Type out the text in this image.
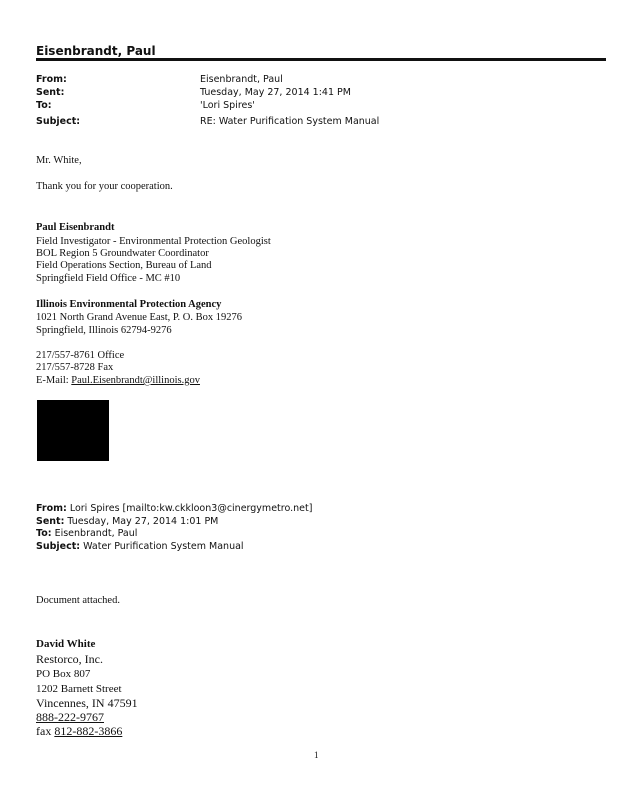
Eisenbrandt, Paul
From:	Eisenbrandt, Paul
Sent:	Tuesday, May 27, 2014 1:41 PM
To:	'Lori Spires'
Subject:	RE: Water Purification System Manual
Mr. White,
Thank you for your cooperation.
Paul Eisenbrandt
Field Investigator - Environmental Protection Geologist
BOL Region 5 Groundwater Coordinator
Field Operations Section, Bureau of Land
Springfield Field Office - MC #10
Illinois Environmental Protection Agency
1021 North Grand Avenue East, P. O. Box 19276
Springfield, Illinois 62794-9276
217/557-8761 Office
217/557-8728 Fax
E-Mail: Paul.Eisenbrandt@illinois.gov
From: Lori Spires [mailto:kw.ckkloon3@cinergymetro.net]
Sent: Tuesday, May 27, 2014 1:01 PM
To: Eisenbrandt, Paul
Subject: Water Purification System Manual
Document attached.
David White
Restorco, Inc.
PO Box 807
1202 Barnett Street
Vincennes, IN 47591
888-222-9767
fax 812-882-3866
1
